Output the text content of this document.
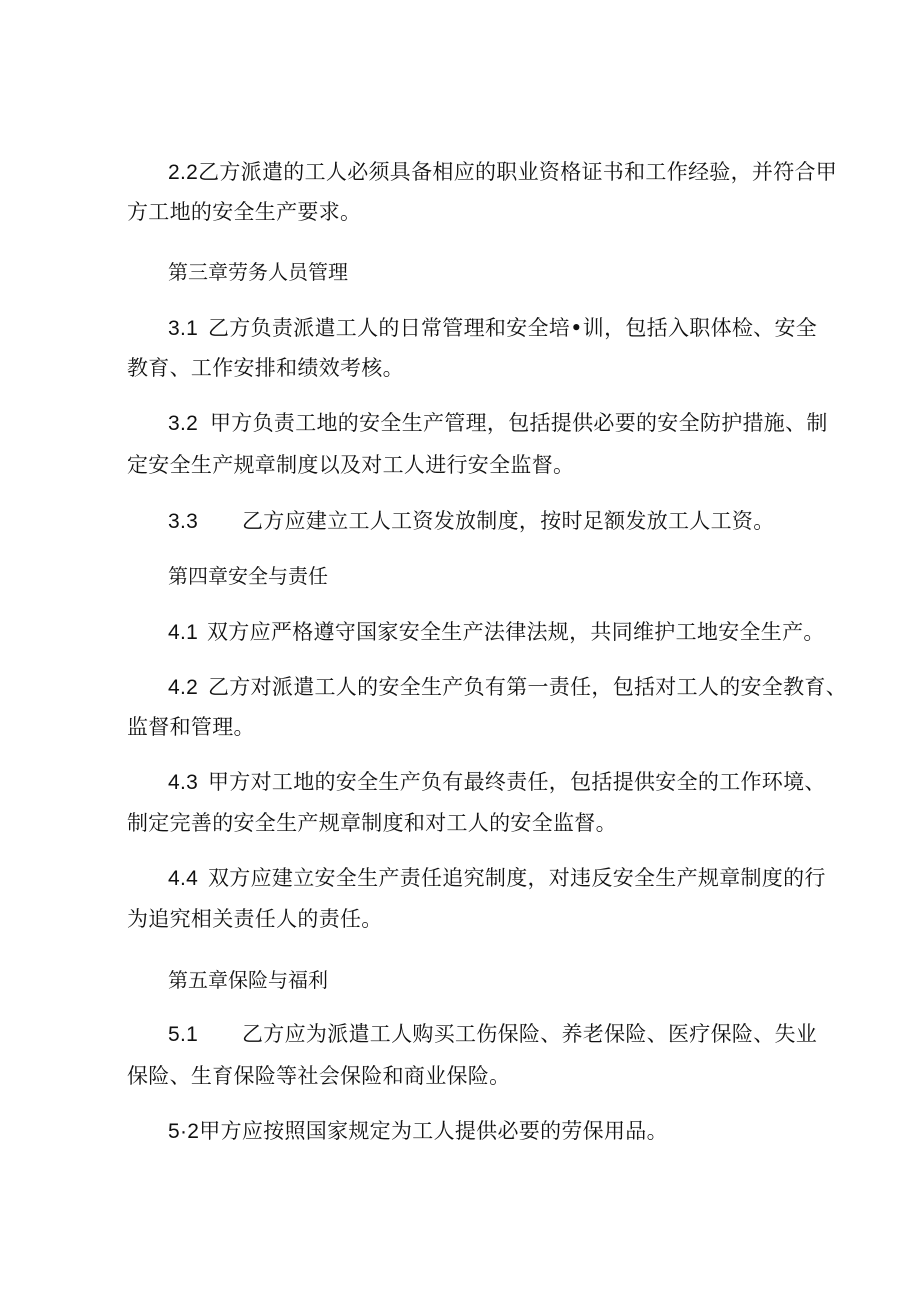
2.2乙方派遣的工人必须具备相应的职业资格证书和工作经验，并符合甲
方工地的安全生产要求。
第三章劳务人员管理
3.1 乙方负责派遣工人的日常管理和安全培•训，包括入职体检、安全
教育、工作安排和绩效考核。
3.2 甲方负责工地的安全生产管理，包括提供必要的安全防护措施、制
定安全生产规章制度以及对工人进行安全监督。
3.3 乙方应建立工人工资发放制度，按时足额发放工人工资。
第四章安全与责任
4.1 双方应严格遵守国家安全生产法律法规，共同维护工地安全生产。
4.2 乙方对派遣工人的安全生产负有第一责任，包括对工人的安全教育、
监督和管理。
4.3 甲方对工地的安全生产负有最终责任，包括提供安全的工作环境、
制定完善的安全生产规章制度和对工人的安全监督。
4.4 双方应建立安全生产责任追究制度，对违反安全生产规章制度的行
为追究相关责任人的责任。
第五章保险与福利
5.1 乙方应为派遣工人购买工伤保险、养老保险、医疗保险、失业
保险、生育保险等社会保险和商业保险。
5·2甲方应按照国家规定为工人提供必要的劳保用品。
